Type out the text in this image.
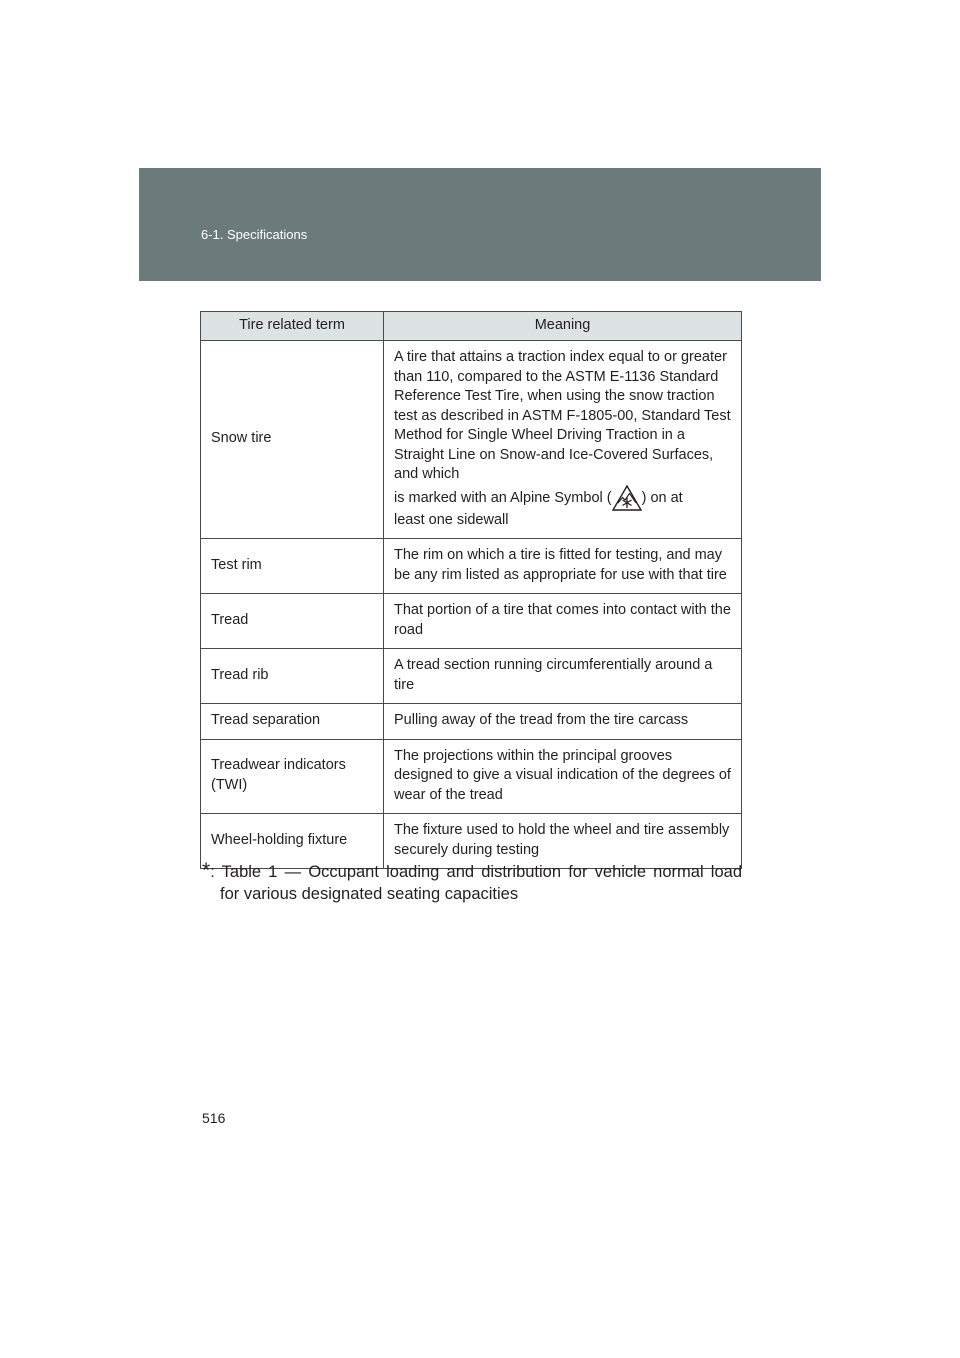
6-1. Specifications
Tire related term	Meaning
Snow tire	A tire that attains a traction index equal to or greater than 110, compared to the ASTM E-1136 Standard Reference Test Tire, when using the snow traction test as described in ASTM F-1805-00, Standard Test Method for Single Wheel Driving Traction in a Straight Line on Snow-and Ice-Covered Surfaces, and which
is marked with an Alpine Symbol ( ) on at
least one sidewall

Test rim	The rim on which a tire is fitted for testing, and may be any rim listed as appropriate for use with that tire
Tread	That portion of a tire that comes into contact with the road
Tread rib	A tread section running circumferentially around a tire
Tread separation	Pulling away of the tread from the tire carcass
Treadwear indicators (TWI)	The projections within the principal grooves designed to give a visual indication of the degrees of wear of the tread
Wheel-holding fixture	The fixture used to hold the wheel and tire assembly securely during testing
*: Table 1 — Occupant loading and distribution for vehicle normal load
for various designated seating capacities
516
